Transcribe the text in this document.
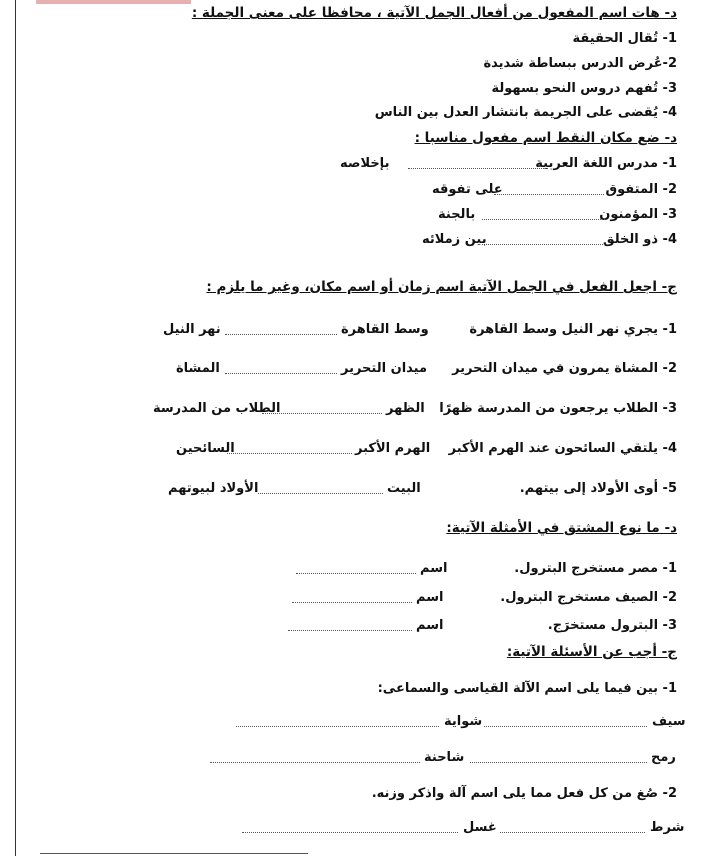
د- هات اسم المفعول من أفعال الجمل الآتية ، محافظا على معنى الجملة :
1- تُقال الحقيقة
2-عُرض الدرس ببساطة شديدة
3- تُفهم دروس النحو بسهولة
4- يُقضى على الجريمة بانتشار العدل بين الناس
د- ضع مكان النقط اسم مفعول مناسبا :
1- مدرس اللغة العربية
بإخلاصه
2- المتفوق
على تفوقه
3- المؤمنون
بالجنة
4- ذو الخلق
بين زملائه
ج- اجعل الفعل في الجمل الآتية اسم زمان أو اسم مكان، وغير ما يلزم :
1- يجري نهر النيل وسط القاهرة
وسط القاهرة
نهر النيل
2- المشاة يمرون في ميدان التحرير
ميدان التحرير
المشاة
3- الطلاب يرجعون من المدرسة ظهرًا
الظهر
الطلاب من المدرسة
4- يلتقي السائحون عند الهرم الأكبر
الهرم الأكبر
السائحين
5- أوى الأولاد إلى بيتهم.
البيت
الأولاد لبيوتهم
د- ما نوع المشتق في الأمثلة الآتية:
1- مصر مستخرج البترول.
اسم
2- الصيف مستخرج البترول.
اسم
3- البترول مستخرَج.
اسم
ج- أجب عن الأسئلة الآتية:
1- بين فيما يلى اسم الآلة القياسى والسماعى:
سيف
شواية
رمح
شاحنة
2- صُغ من كل فعل مما يلى اسم آلة واذكر وزنه.
شرط
غسل
